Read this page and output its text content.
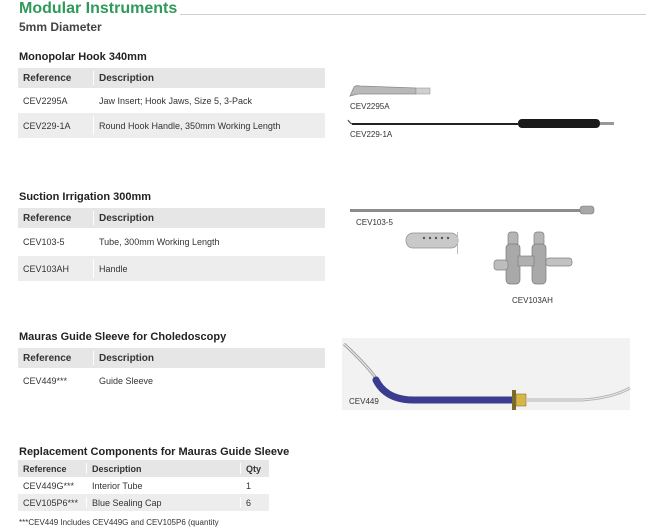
Modular Instruments
5mm Diameter
Monopolar Hook 340mm
Reference	Description
CEV2295A	Jaw Insert; Hook Jaws, Size 5, 3-Pack
CEV229-1A	Round Hook Handle, 350mm Working Length
CEV2295A
CEV229-1A
Suction Irrigation 300mm
Reference	Description
CEV103-5	Tube, 300mm Working Length
CEV103AH	Handle
CEV103-5
CEV103AH
Mauras Guide Sleeve for Choledoscopy
Reference	Description
CEV449***	Guide Sleeve
CEV449
Replacement Components for Mauras Guide Sleeve
Reference	Description	Qty
CEV449G*** Interior Tube	1
CEV105P6*** Blue Sealing Cap	6
***CEV449 Includes CEV449G and CEV105P6 (quantity
